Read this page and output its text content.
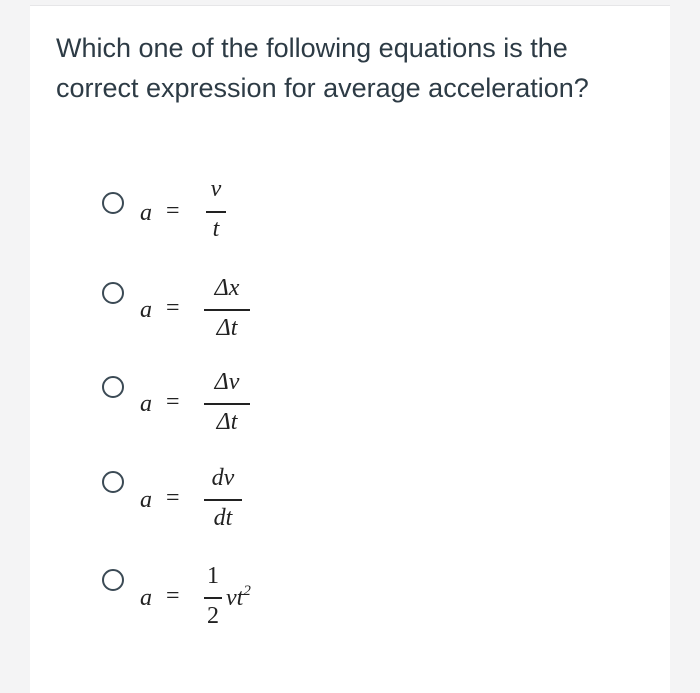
Which one of the following equations is the
correct expression for average acceleration?
a =
v
t
a =
Δx
Δt
a =
Δv
Δt
a =
dv
dt
a =
1
2
$vt^2$
